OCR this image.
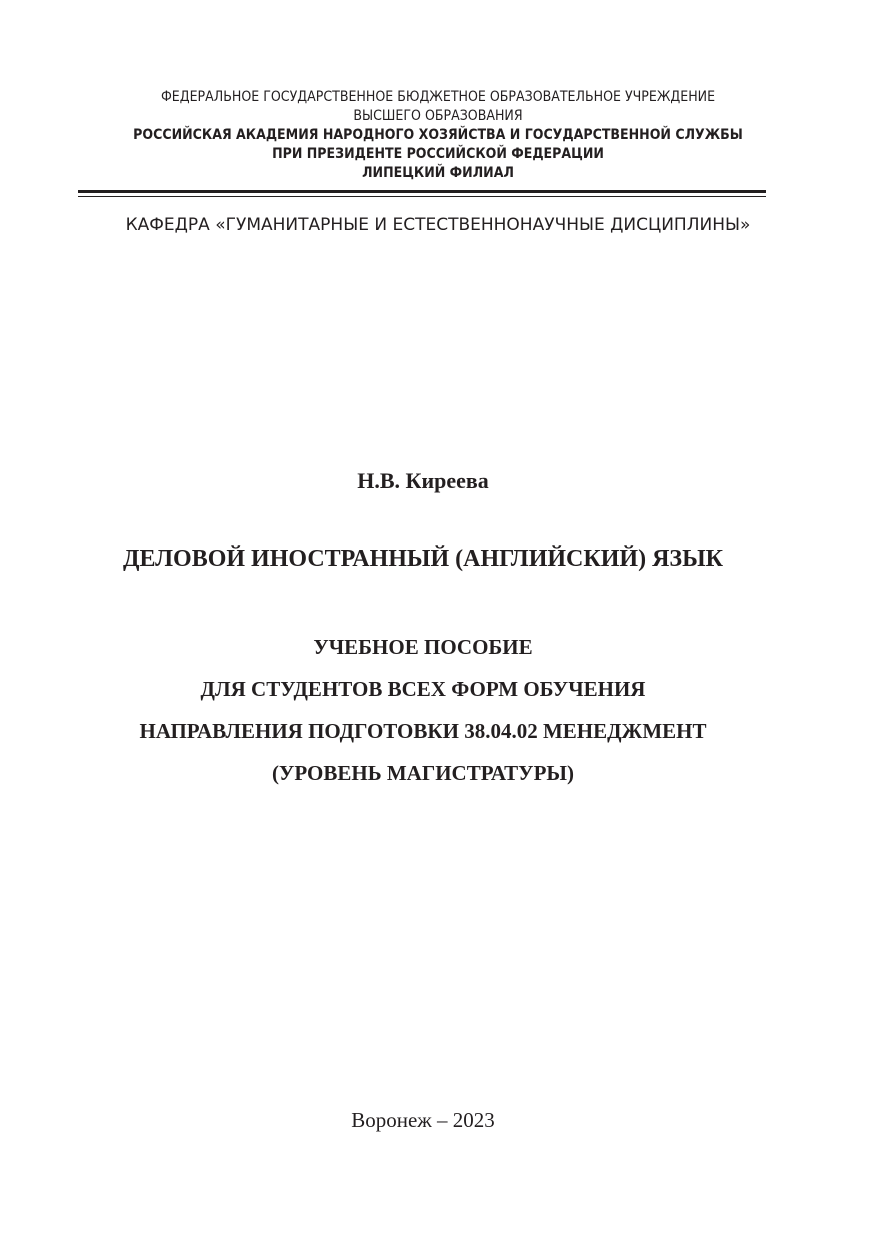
ФЕДЕРАЛЬНОЕ ГОСУДАРСТВЕННОЕ БЮДЖЕТНОЕ ОБРАЗОВАТЕЛЬНОЕ УЧРЕЖДЕНИЕ
ВЫСШЕГО ОБРАЗОВАНИЯ
РОССИЙСКАЯ АКАДЕМИЯ НАРОДНОГО ХОЗЯЙСТВА И ГОСУДАРСТВЕННОЙ СЛУЖБЫ
ПРИ ПРЕЗИДЕНТЕ РОССИЙСКОЙ ФЕДЕРАЦИИ
ЛИПЕЦКИЙ ФИЛИАЛ
КАФЕДРА «ГУМАНИТАРНЫЕ И ЕСТЕСТВЕННОНАУЧНЫЕ ДИСЦИПЛИНЫ»
Н.В. Киреева
ДЕЛОВОЙ ИНОСТРАННЫЙ (АНГЛИЙСКИЙ) ЯЗЫК
УЧЕБНОЕ ПОСОБИЕ
ДЛЯ СТУДЕНТОВ ВСЕХ ФОРМ ОБУЧЕНИЯ
НАПРАВЛЕНИЯ ПОДГОТОВКИ 38.04.02 МЕНЕДЖМЕНТ
(УРОВЕНЬ МАГИСТРАТУРЫ)
Воронеж – 2023
